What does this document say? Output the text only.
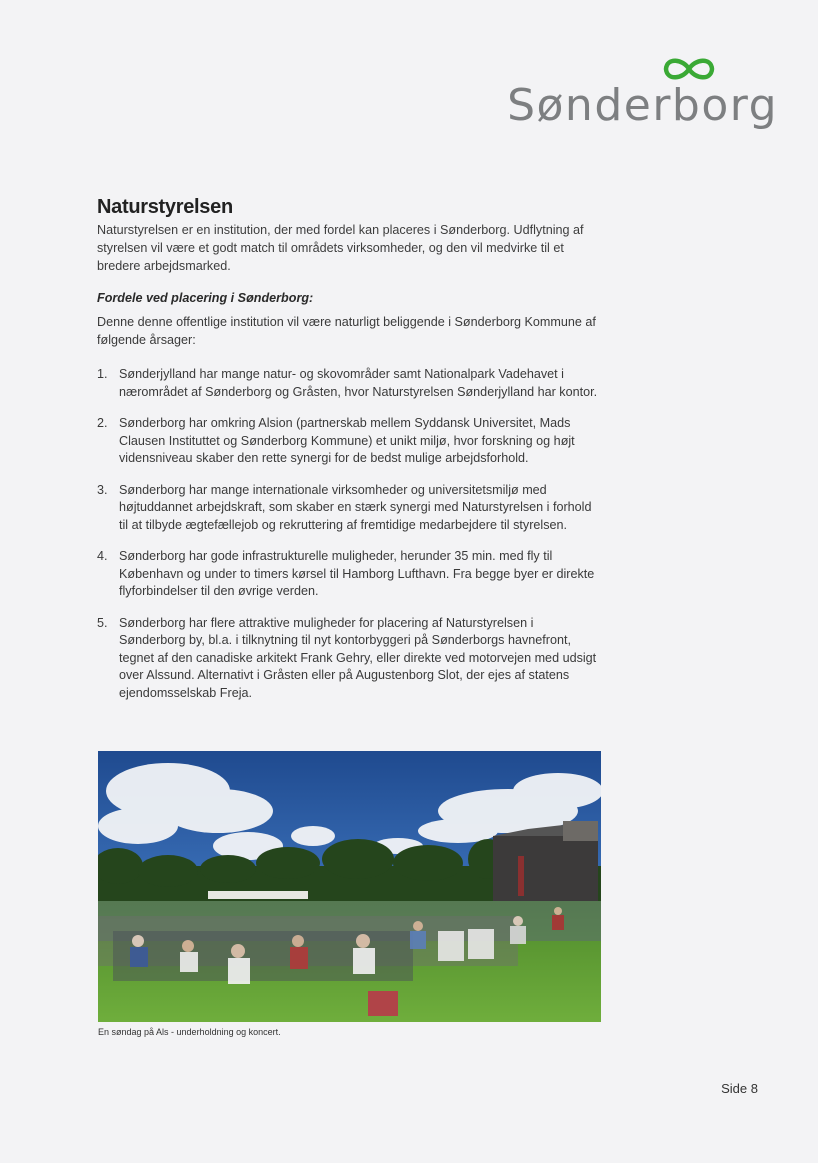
Sønderborg
Naturstyrelsen

Naturstyrelsen er en institution, der med fordel kan placeres i Sønderborg. Udflytning af styrelsen vil være et godt match til områdets virksomheder, og den vil medvirke til et bredere arbejdsmarked.

Fordele ved placering i Sønderborg:

Denne denne offentlige institution vil være naturligt beliggende i Sønderborg Kommune af følgende årsager:

1. Sønderjylland har mange natur- og skovområder samt Nationalpark Vadehavet i nærområdet af Sønderborg og Gråsten, hvor Naturstyrelsen Sønderjylland har kontor.
2. Sønderborg har omkring Alsion (partnerskab mellem Syddansk Universitet, Mads Clausen Instituttet og Sønderborg Kommune) et unikt miljø, hvor forskning og højt vidensniveau skaber den rette synergi for de bedst mulige arbejdsforhold.
3. Sønderborg har mange internationale virksomheder og universitetsmiljø med højtuddannet arbejdskraft, som skaber en stærk synergi med Naturstyrelsen i forhold til at tilbyde ægtefællejob og rekruttering af fremtidige medarbejdere til styrelsen.
4. Sønderborg har gode infrastrukturelle muligheder, herunder 35 min. med fly til København og under to timers kørsel til Hamborg Lufthavn. Fra begge byer er direkte flyforbindelser til den øvrige verden.
5. Sønderborg har flere attraktive muligheder for placering af Naturstyrelsen i Sønderborg by, bl.a. i tilknytning til nyt kontorbyggeri på Sønderborgs havnefront, tegnet af den canadiske arkitekt Frank Gehry, eller direkte ved motorvejen med udsigt over Alssund. Alternativt i Gråsten eller på Augustenborg Slot, der ejes af statens ejendomsselskab Freja.

En søndag på Als - underholdning og koncert.

Side 8
